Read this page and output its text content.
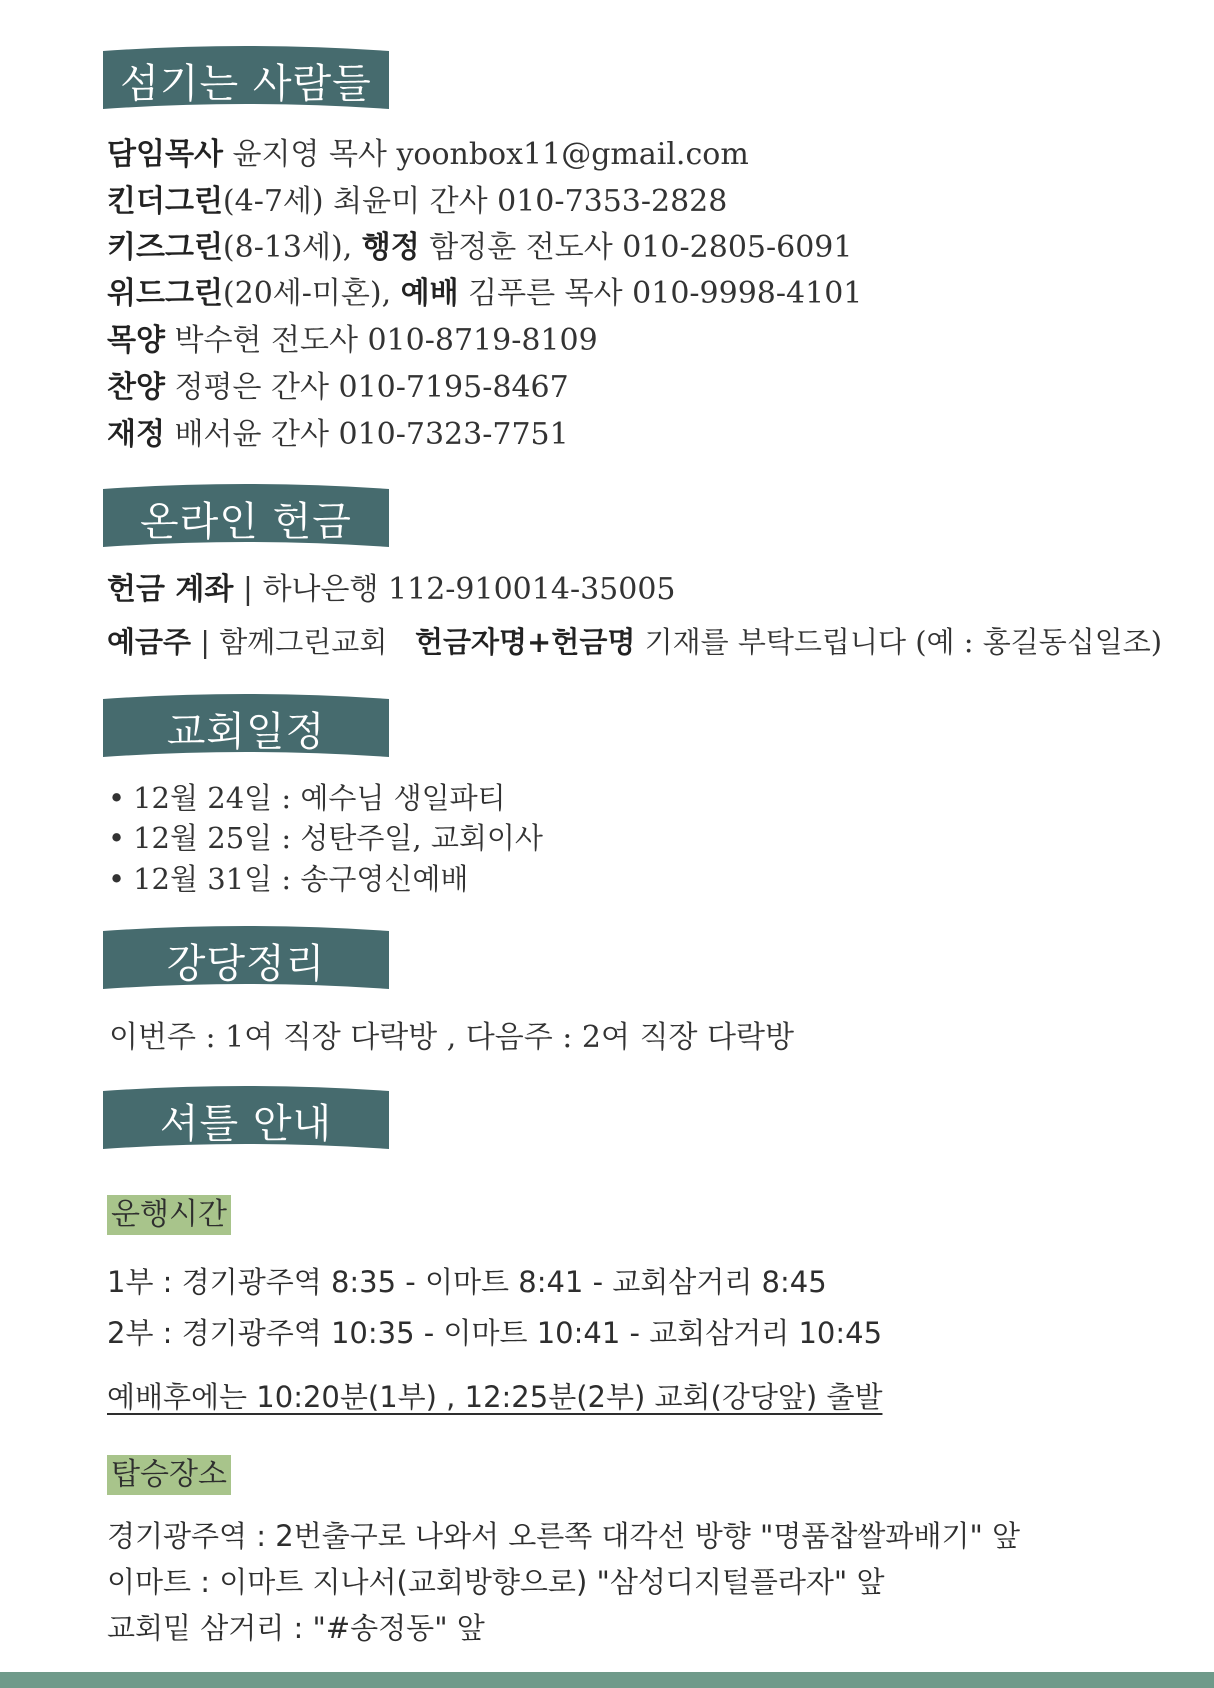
섬기는 사람들
담임목사 윤지영 목사 yoonbox11@gmail.com
킨더그린(4-7세) 최윤미 간사 010-7353-2828
키즈그린(8-13세), 행정 함정훈 전도사 010-2805-6091
위드그린(20세-미혼), 예배 김푸른 목사 010-9998-4101
목양 박수현 전도사 010-8719-8109
찬양 정평은 간사 010-7195-8467
재정 배서윤 간사 010-7323-7751
온라인 헌금
헌금 계좌 | 하나은행 112-910014-35005
예금주 | 함께그린교회 헌금자명+헌금명 기재를 부탁드립니다 (예 : 홍길동십일조)
교회일정
• 12월 24일 : 예수님 생일파티
• 12월 25일 : 성탄주일, 교회이사
• 12월 31일 : 송구영신예배
강당정리
이번주 : 1여 직장 다락방 , 다음주 : 2여 직장 다락방
셔틀 안내
운행시간
1부 : 경기광주역 8:35 - 이마트 8:41 - 교회삼거리 8:45
2부 : 경기광주역 10:35 - 이마트 10:41 - 교회삼거리 10:45
예배후에는 10:20분(1부) , 12:25분(2부) 교회(강당앞) 출발
탑승장소
경기광주역 : 2번출구로 나와서 오른쪽 대각선 방향 "명품찹쌀꽈배기" 앞
이마트 : 이마트 지나서(교회방향으로) "삼성디지털플라자" 앞
교회밑 삼거리 : "#송정동" 앞
